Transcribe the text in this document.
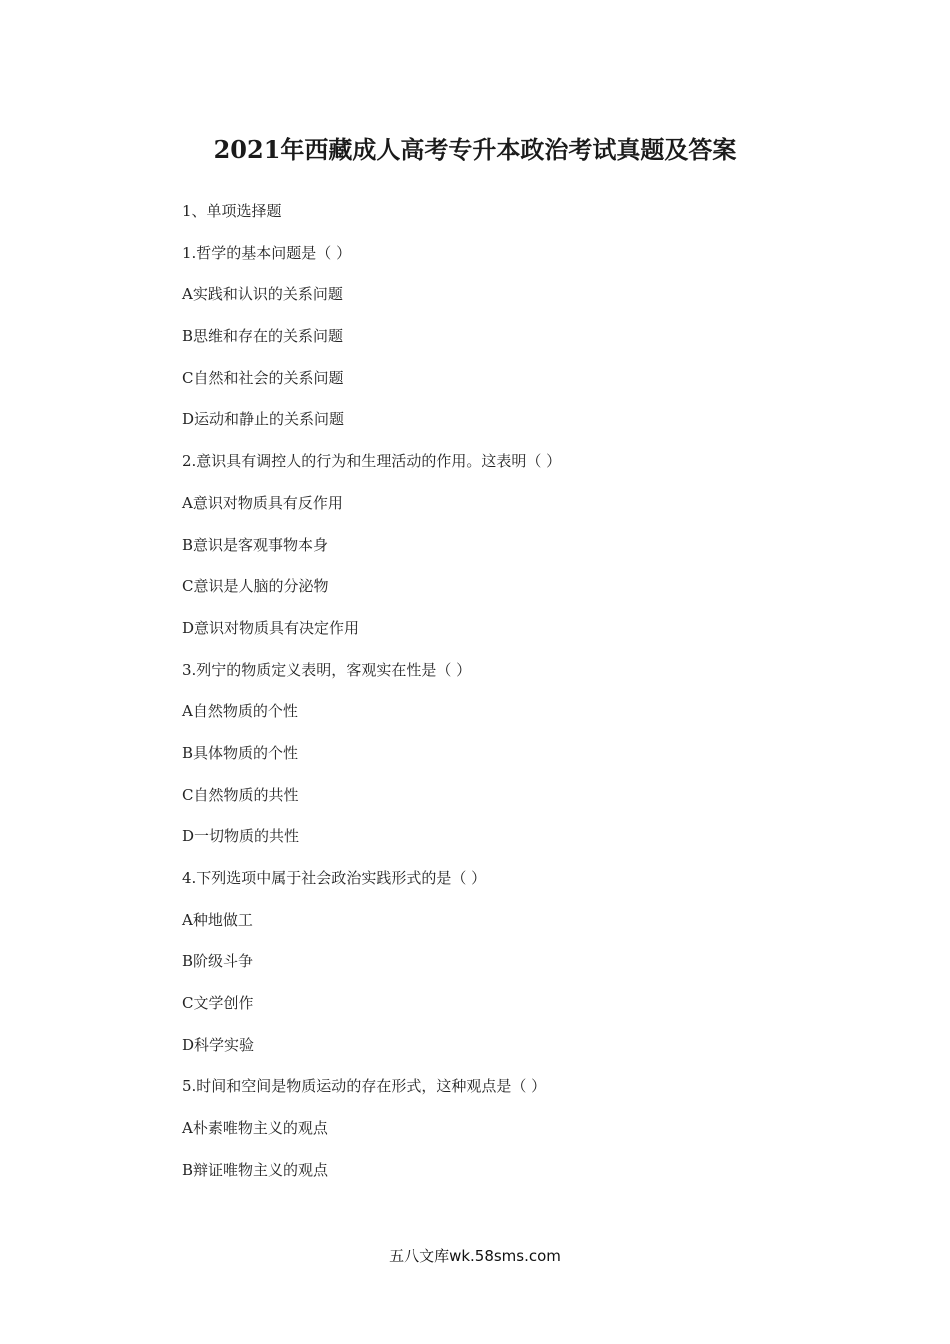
2021年西藏成人高考专升本政治考试真题及答案
1、单项选择题
1.哲学的基本问题是（ ）
A实践和认识的关系问题
B思维和存在的关系问题
C自然和社会的关系问题
D运动和静止的关系问题
2.意识具有调控人的行为和生理活动的作用。这表明（ ）
A意识对物质具有反作用
B意识是客观事物本身
C意识是人脑的分泌物
D意识对物质具有决定作用
3.列宁的物质定义表明，客观实在性是（ ）
A自然物质的个性
B具体物质的个性
C自然物质的共性
D一切物质的共性
4.下列选项中属于社会政治实践形式的是（ ）
A种地做工
B阶级斗争
C文学创作
D科学实验
5.时间和空间是物质运动的存在形式，这种观点是（ ）
A朴素唯物主义的观点
B辩证唯物主义的观点
五八文库wk.58sms.com
